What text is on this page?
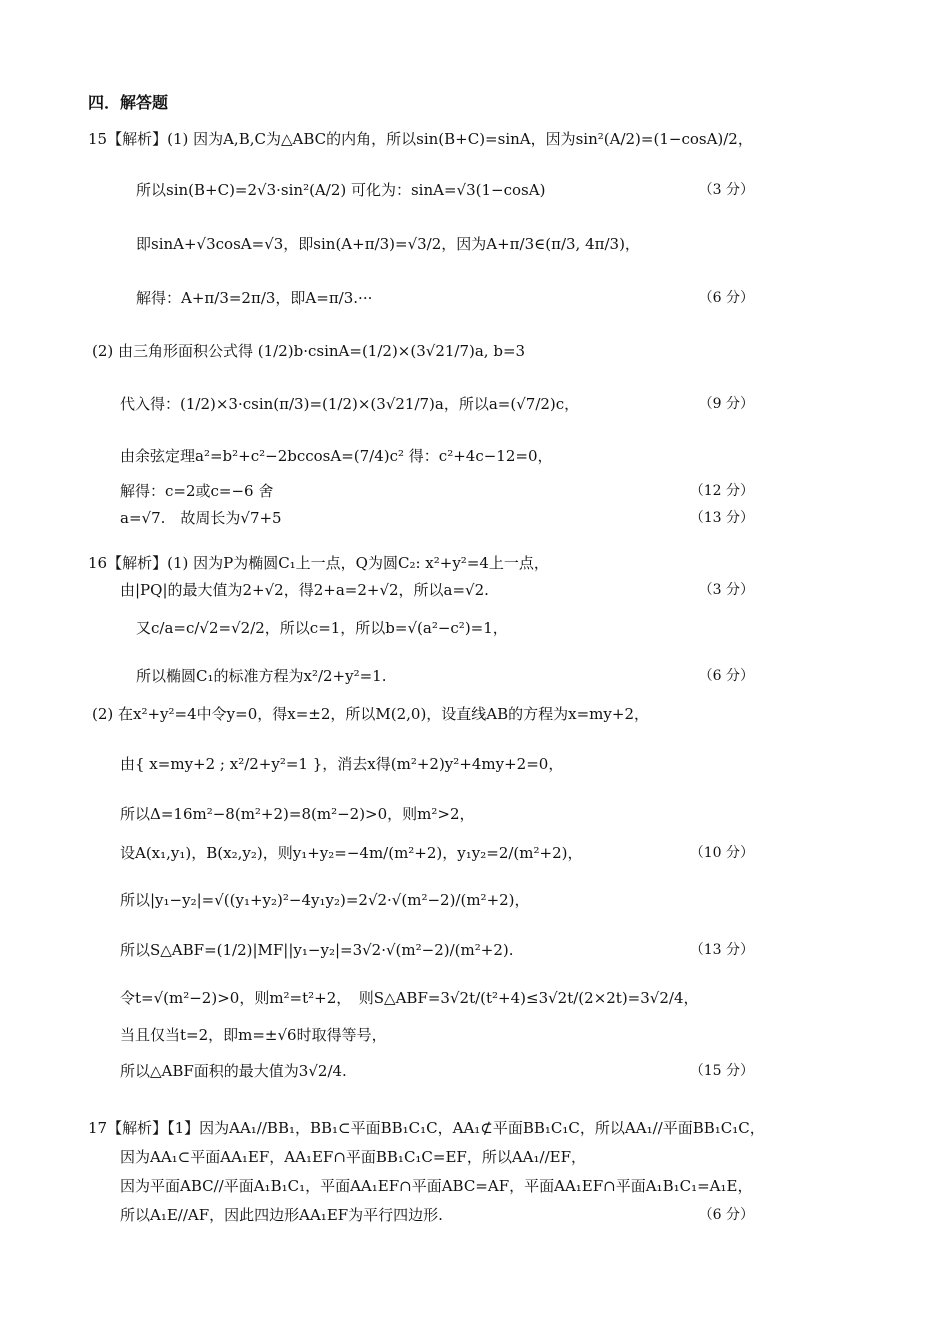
四．解答题
15【解析】(1) 因为A,B,C为△ABC的内角，所以sin(B+C)=sinA，因为sin²(A/2)=(1−cosA)/2，
所以sin(B+C)=2√3·sin²(A/2) 可化为：sinA=√3(1−cosA)	（3 分）
即sinA+√3cosA=√3，即sin(A+π/3)=√3/2，因为A+π/3∈(π/3, 4π/3)，
解得：A+π/3=2π/3，即A=π/3.···	（6 分）
(2) 由三角形面积公式得 (1/2)b·csinA=(1/2)×(3√21/7)a, b=3
代入得：(1/2)×3·csin(π/3)=(1/2)×(3√21/7)a，所以a=(√7/2)c，	（9 分）
由余弦定理a²=b²+c²−2bccosA=(7/4)c² 得：c²+4c−12=0，
解得：c=2或c=−6 舍	（12 分）
a=√7.　故周长为√7+5	（13 分）
16【解析】(1) 因为P为椭圆C₁上一点，Q为圆C₂: x²+y²=4上一点，
由|PQ|的最大值为2+√2，得2+a=2+√2，所以a=√2.	（3 分）
又c/a=c/√2=√2/2，所以c=1，所以b=√(a²−c²)=1，
所以椭圆C₁的标准方程为x²/2+y²=1.	（6 分）
(2) 在x²+y²=4中令y=0，得x=±2，所以M(2,0)，设直线AB的方程为x=my+2，
由{ x=my+2 ; x²/2+y²=1 }，消去x得(m²+2)y²+4my+2=0，
所以Δ=16m²−8(m²+2)=8(m²−2)>0，则m²>2，
设A(x₁,y₁)，B(x₂,y₂)，则y₁+y₂=−4m/(m²+2)，y₁y₂=2/(m²+2)，	（10 分）
所以|y₁−y₂|=√((y₁+y₂)²−4y₁y₂)=2√2·√(m²−2)/(m²+2)，
所以S△ABF=(1/2)|MF||y₁−y₂|=3√2·√(m²−2)/(m²+2).	（13 分）
令t=√(m²−2)>0，则m²=t²+2，　则S△ABF=3√2t/(t²+4)≤3√2t/(2×2t)=3√2/4，
当且仅当t=2，即m=±√6时取得等号，
所以△ABF面积的最大值为3√2/4.	（15 分）
17【解析】【1】因为AA₁//BB₁，BB₁⊂平面BB₁C₁C，AA₁⊄平面BB₁C₁C，所以AA₁//平面BB₁C₁C，
因为AA₁⊂平面AA₁EF，AA₁EF∩平面BB₁C₁C=EF，所以AA₁//EF，
因为平面ABC//平面A₁B₁C₁，平面AA₁EF∩平面ABC=AF，平面AA₁EF∩平面A₁B₁C₁=A₁E，
所以A₁E//AF，因此四边形AA₁EF为平行四边形.	（6 分）
